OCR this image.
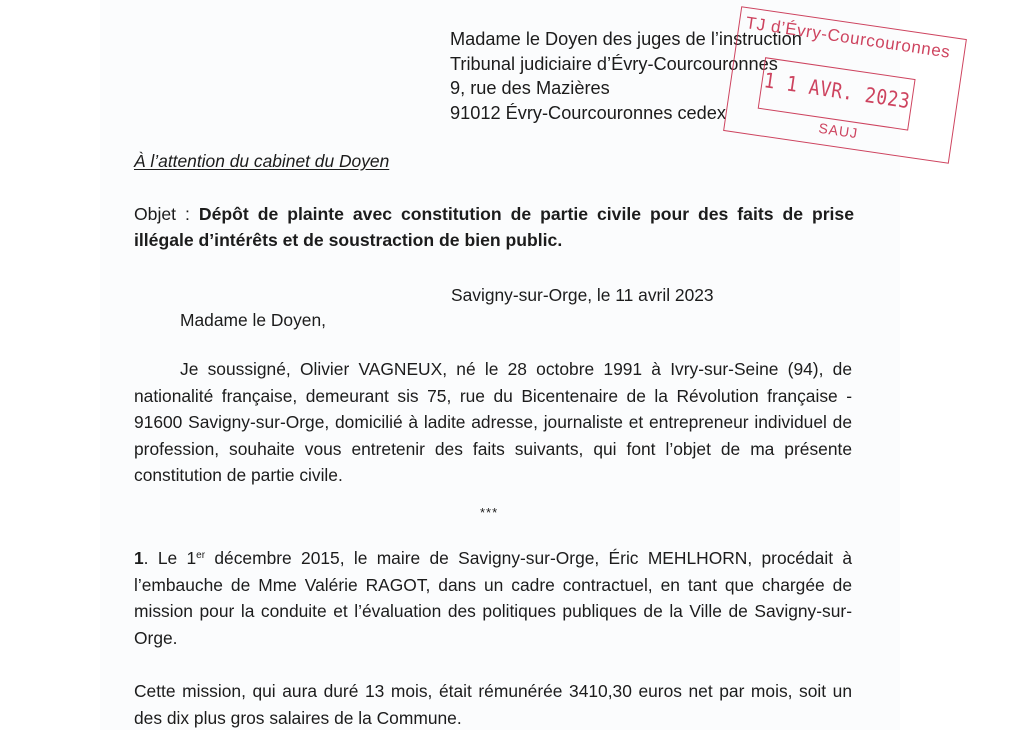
Madame le Doyen des juges de l’instruction
Tribunal judiciaire d’Évry-Courcouronnes
9, rue des Mazières
91012 Évry-Courcouronnes cedex
TJ d’Évry-Courcouronnes
1 1 AVR. 2023
SAUJ
À l’attention du cabinet du Doyen
Objet : Dépôt de plainte avec constitution de partie civile pour des faits de prise illégale d’intérêts et de soustraction de bien public.
Savigny-sur-Orge, le 11 avril 2023
Madame le Doyen,
Je soussigné, Olivier VAGNEUX, né le 28 octobre 1991 à Ivry-sur-Seine (94), de nationalité française, demeurant sis 75, rue du Bicentenaire de la Révolution française - 91600 Savigny-sur-Orge, domicilié à ladite adresse, journaliste et entrepreneur individuel de profession, souhaite vous entretenir des faits suivants, qui font l’objet de ma présente constitution de partie civile.
***
1. Le 1er décembre 2015, le maire de Savigny-sur-Orge, Éric MEHLHORN, procédait à l’embauche de Mme Valérie RAGOT, dans un cadre contractuel, en tant que chargée de mission pour la conduite et l’évaluation des politiques publiques de la Ville de Savigny-sur-Orge.
Cette mission, qui aura duré 13 mois, était rémunérée 3410,30 euros net par mois, soit un des dix plus gros salaires de la Commune.
